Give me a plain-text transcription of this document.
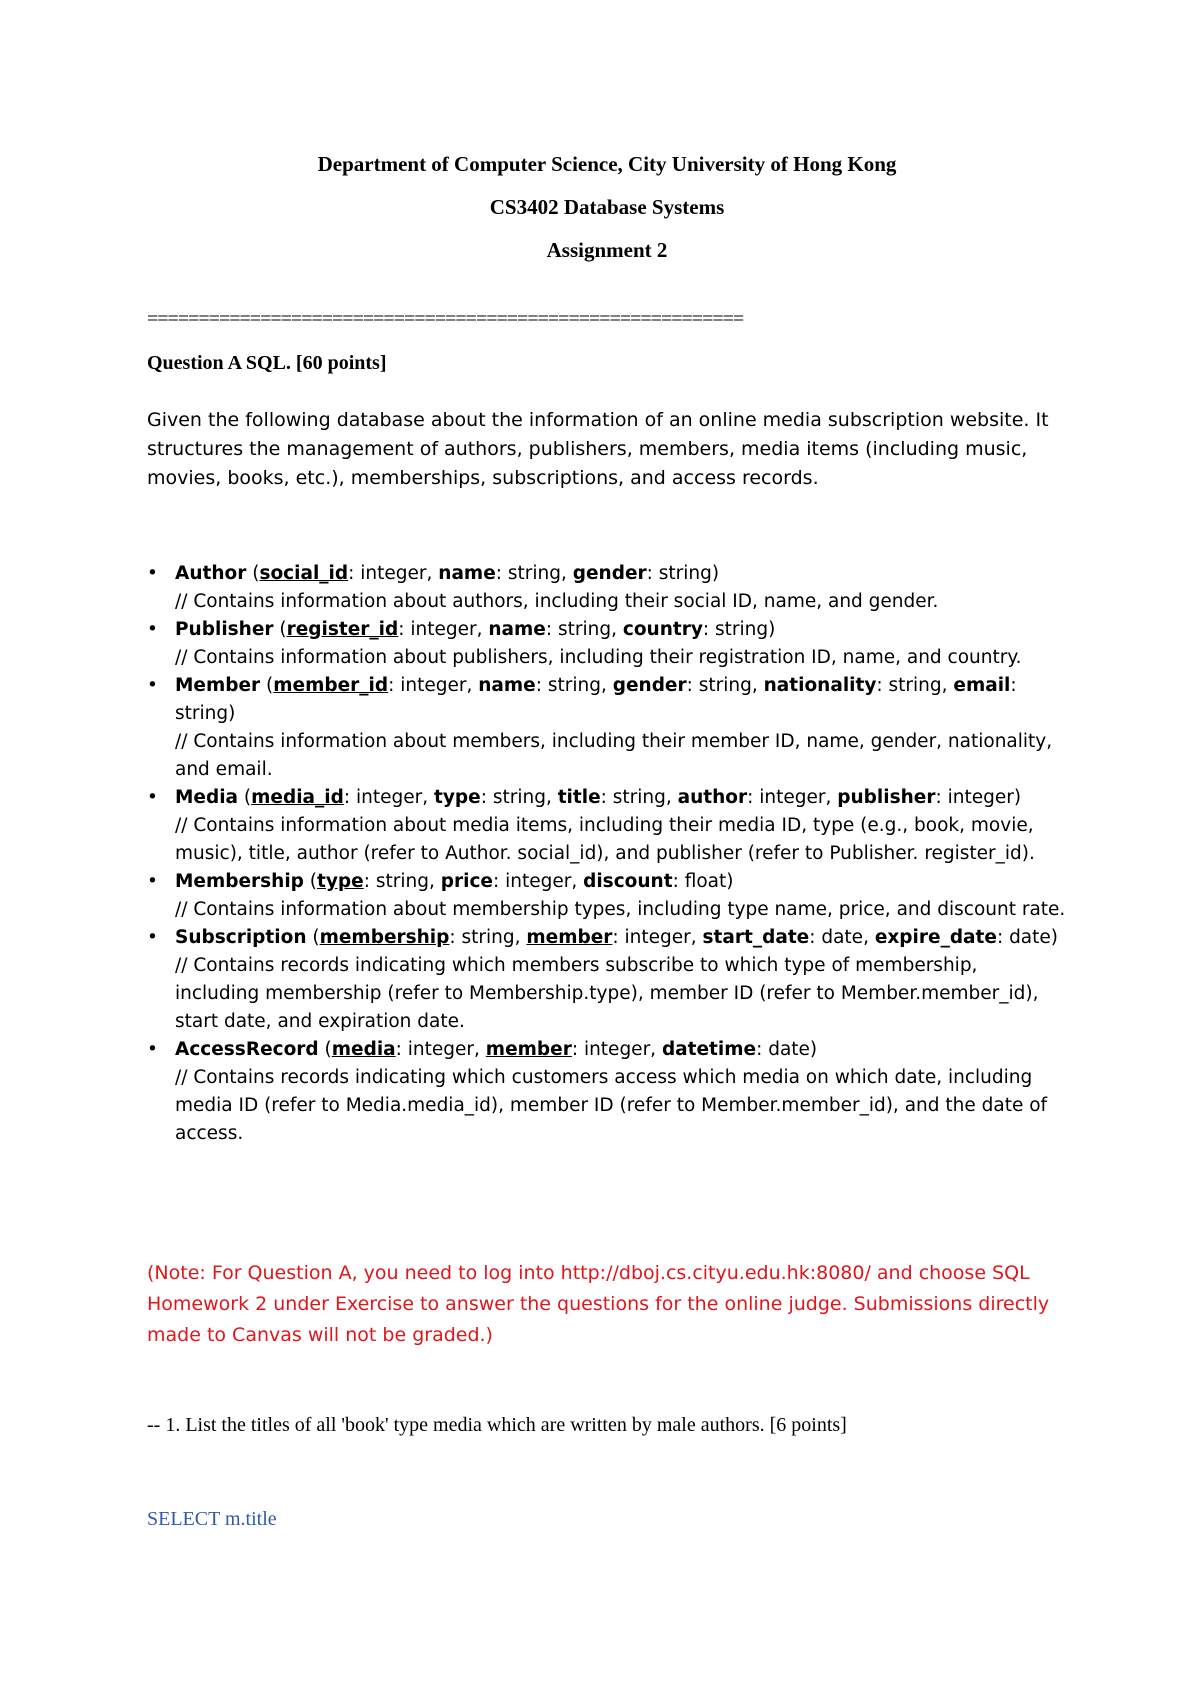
Department of Computer Science, City University of Hong Kong

CS3402 Database Systems

Assignment 2

==========================================================

Question A SQL. [60 points]

Given the following database about the information of an online media subscription website. It structures the management of authors, publishers, members, media items (including music, movies, books, etc.), memberships, subscriptions, and access records.

• Author (social_id: integer, name: string, gender: string)
// Contains information about authors, including their social ID, name, and gender.
• Publisher (register_id: integer, name: string, country: string)
// Contains information about publishers, including their registration ID, name, and country.
• Member (member_id: integer, name: string, gender: string, nationality: string, email: string)
// Contains information about members, including their member ID, name, gender, nationality, and email.
• Media (media_id: integer, type: string, title: string, author: integer, publisher: integer)
// Contains information about media items, including their media ID, type (e.g., book, movie, music), title, author (refer to Author. social_id), and publisher (refer to Publisher. register_id).
• Membership (type: string, price: integer, discount: float)
// Contains information about membership types, including type name, price, and discount rate.
• Subscription (membership: string, member: integer, start_date: date, expire_date: date)
// Contains records indicating which members subscribe to which type of membership, including membership (refer to Membership.type), member ID (refer to Member.member_id), start date, and expiration date.
• AccessRecord (media: integer, member: integer, datetime: date)
// Contains records indicating which customers access which media on which date, including media ID (refer to Media.media_id), member ID (refer to Member.member_id), and the date of access.

(Note: For Question A, you need to log into http://dboj.cs.cityu.edu.hk:8080/ and choose SQL Homework 2 under Exercise to answer the questions for the online judge. Submissions directly made to Canvas will not be graded.)

-- 1. List the titles of all 'book' type media which are written by male authors. [6 points]

SELECT m.title
